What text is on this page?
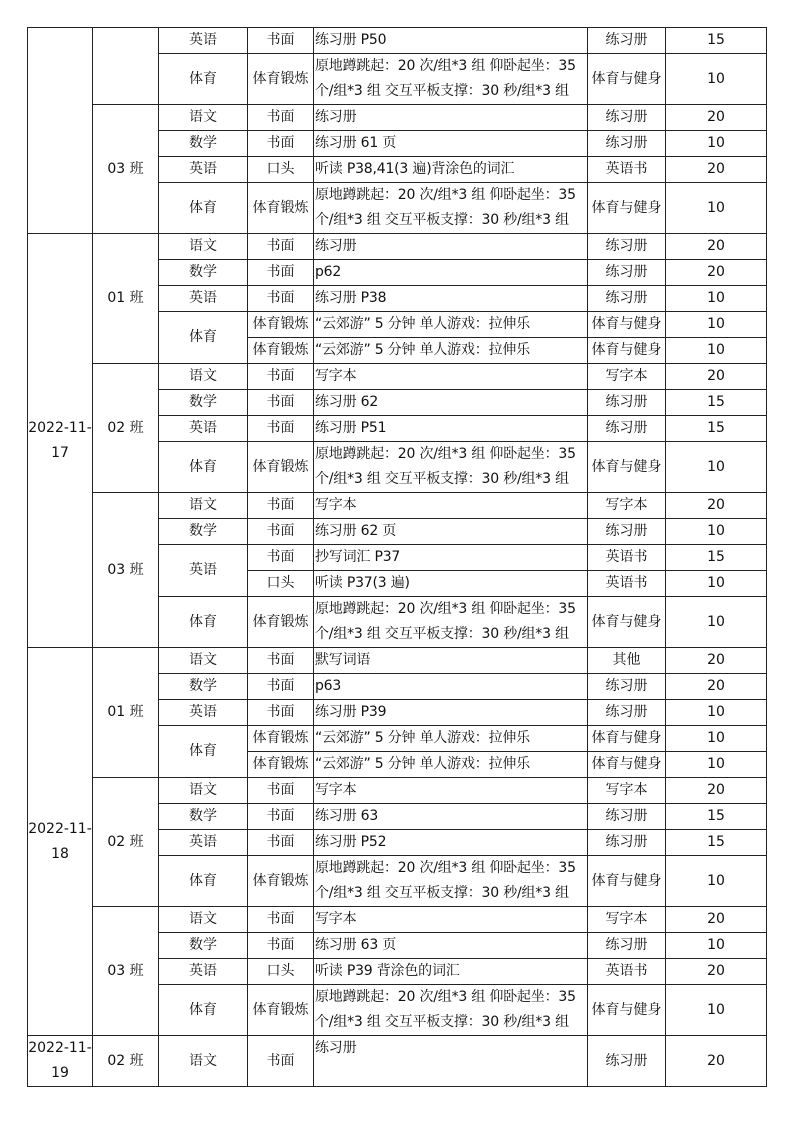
		英语	书面	练习册 P50	练习册	15
		体育	体育锻炼	原地蹲跳起：20 次/组*3 组 仰卧起坐：35 个/组*3 组 交互平板支撑：30 秒/组*3 组	体育与健身	10
	03 班	语文	书面	练习册	练习册	20
		数学	书面	练习册 61 页	练习册	10
		英语	口头	听读 P38,41(3 遍)背涂色的词汇	英语书	20
		体育	体育锻炼	原地蹲跳起：20 次/组*3 组 仰卧起坐：35 个/组*3 组 交互平板支撑：30 秒/组*3 组	体育与健身	10
2022-11-17	01 班	语文	书面	练习册	练习册	20
		数学	书面	p62	练习册	20
		英语	书面	练习册 P38	练习册	10
		体育	体育锻炼	“云郊游” 5 分钟 单人游戏：拉伸乐	体育与健身	10
			体育锻炼	“云郊游” 5 分钟 单人游戏：拉伸乐	体育与健身	10
	02 班	语文	书面	写字本	写字本	20
		数学	书面	练习册 62	练习册	15
		英语	书面	练习册 P51	练习册	15
		体育	体育锻炼	原地蹲跳起：20 次/组*3 组 仰卧起坐：35 个/组*3 组 交互平板支撑：30 秒/组*3 组	体育与健身	10
	03 班	语文	书面	写字本	写字本	20
		数学	书面	练习册 62 页	练习册	10
		英语	书面	抄写词汇 P37	英语书	15
			口头	听读 P37(3 遍)	英语书	10
		体育	体育锻炼	原地蹲跳起：20 次/组*3 组 仰卧起坐：35 个/组*3 组 交互平板支撑：30 秒/组*3 组	体育与健身	10
2022-11-18	01 班	语文	书面	默写词语	其他	20
		数学	书面	p63	练习册	20
		英语	书面	练习册 P39	练习册	10
		体育	体育锻炼	“云郊游” 5 分钟 单人游戏：拉伸乐	体育与健身	10
			体育锻炼	“云郊游” 5 分钟 单人游戏：拉伸乐	体育与健身	10
	02 班	语文	书面	写字本	写字本	20
		数学	书面	练习册 63	练习册	15
		英语	书面	练习册 P52	练习册	15
		体育	体育锻炼	原地蹲跳起：20 次/组*3 组 仰卧起坐：35 个/组*3 组 交互平板支撑：30 秒/组*3 组	体育与健身	10
	03 班	语文	书面	写字本	写字本	20
		数学	书面	练习册 63 页	练习册	10
		英语	口头	听读 P39 背涂色的词汇	英语书	20
		体育	体育锻炼	原地蹲跳起：20 次/组*3 组 仰卧起坐：35 个/组*3 组 交互平板支撑：30 秒/组*3 组	体育与健身	10
2022-11-19	02 班	语文	书面	练习册	练习册	20
